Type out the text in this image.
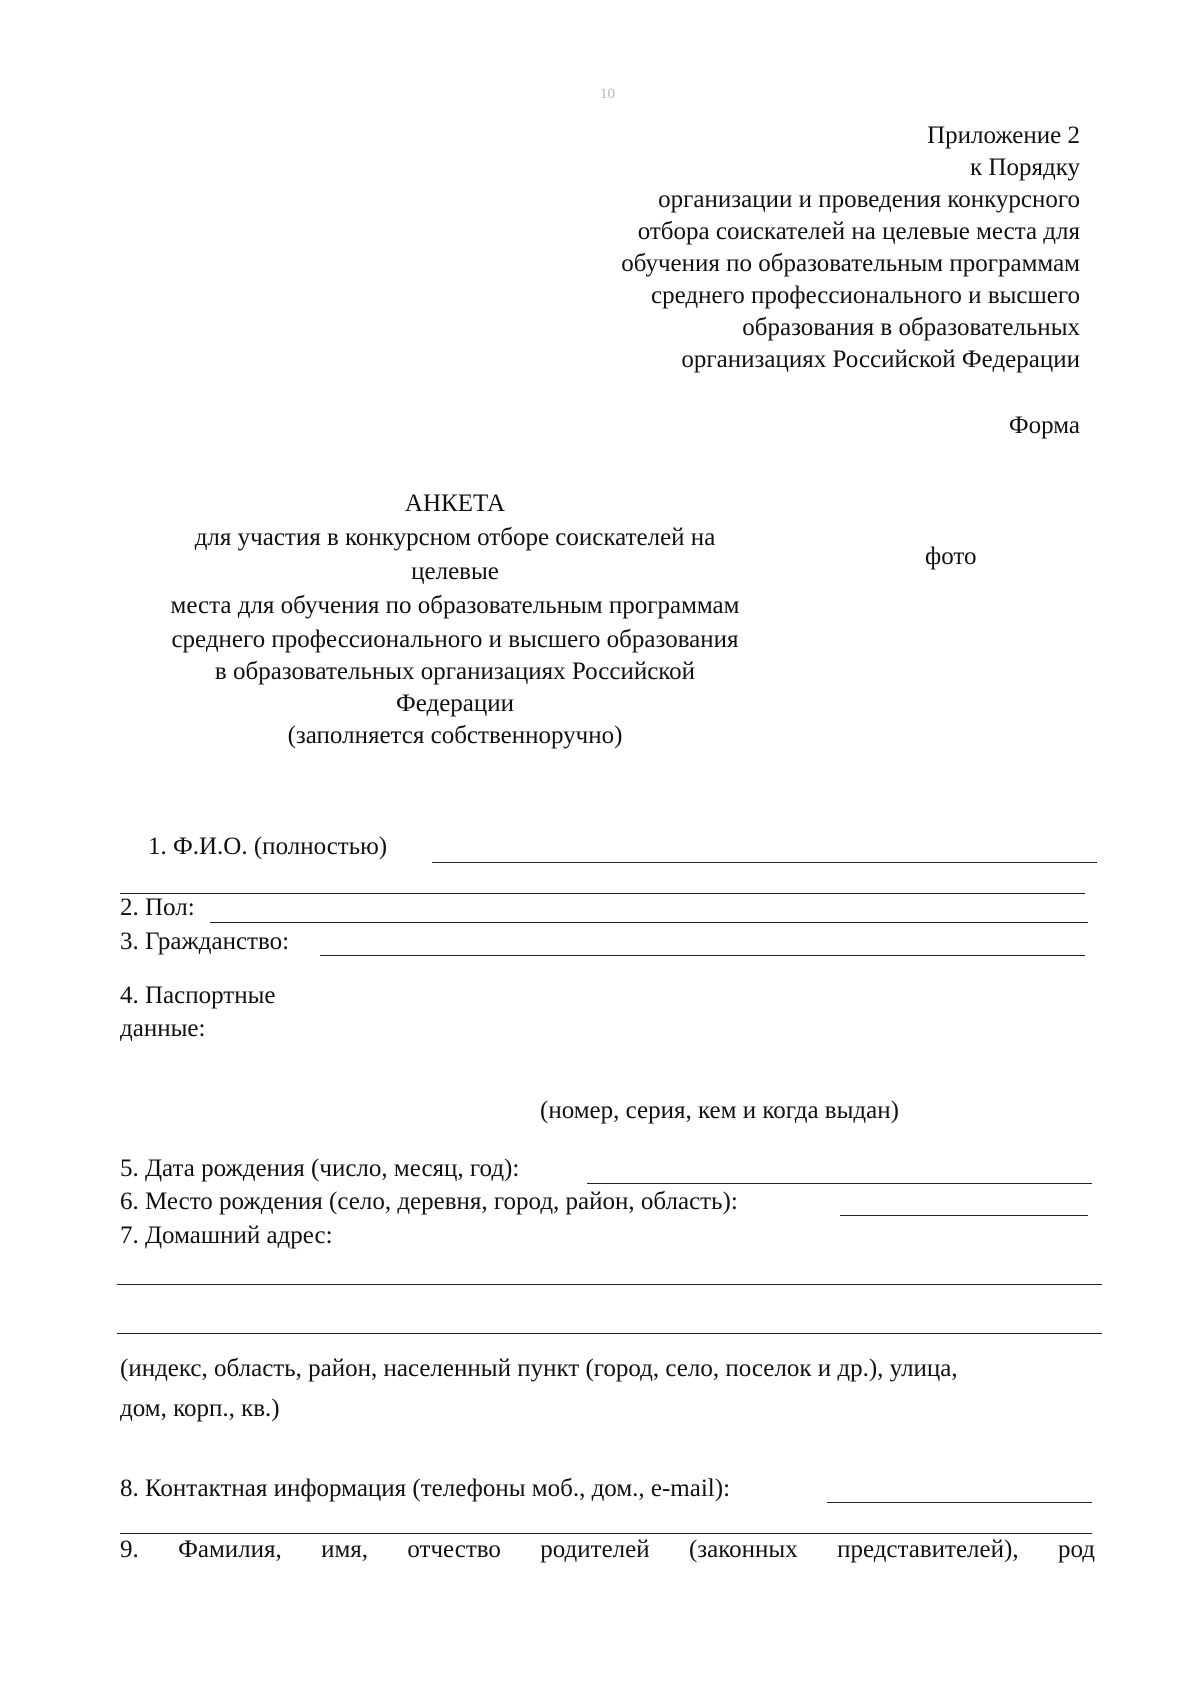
10
Приложение 2
к Порядку
организации и проведения конкурсного
отбора соискателей на целевые места для
обучения по образовательным программам
среднего профессионального и высшего
образования в образовательных
организациях Российской Федерации
Форма
АНКЕТА
для участия в конкурсном отборе соискателей на
целевые
места для обучения по образовательным программам
среднего профессионального и высшего образования
в образовательных организациях Российской
Федерации
(заполняется собственноручно)
фото
1. Ф.И.О. (полностью)
2. Пол:
3. Гражданство:
4. Паспортные
данные:
(номер, серия, кем и когда выдан)
5. Дата рождения (число, месяц, год):
6. Место рождения (село, деревня, город, район, область):
7. Домашний адрес:
(индекс, область, район, населенный пункт (город, село, поселок и др.), улица,
дом, корп., кв.)
8. Контактная информация (телефоны моб., дом., e-mail):
9. Фамилия, имя, отчество родителей (законных представителей), род
